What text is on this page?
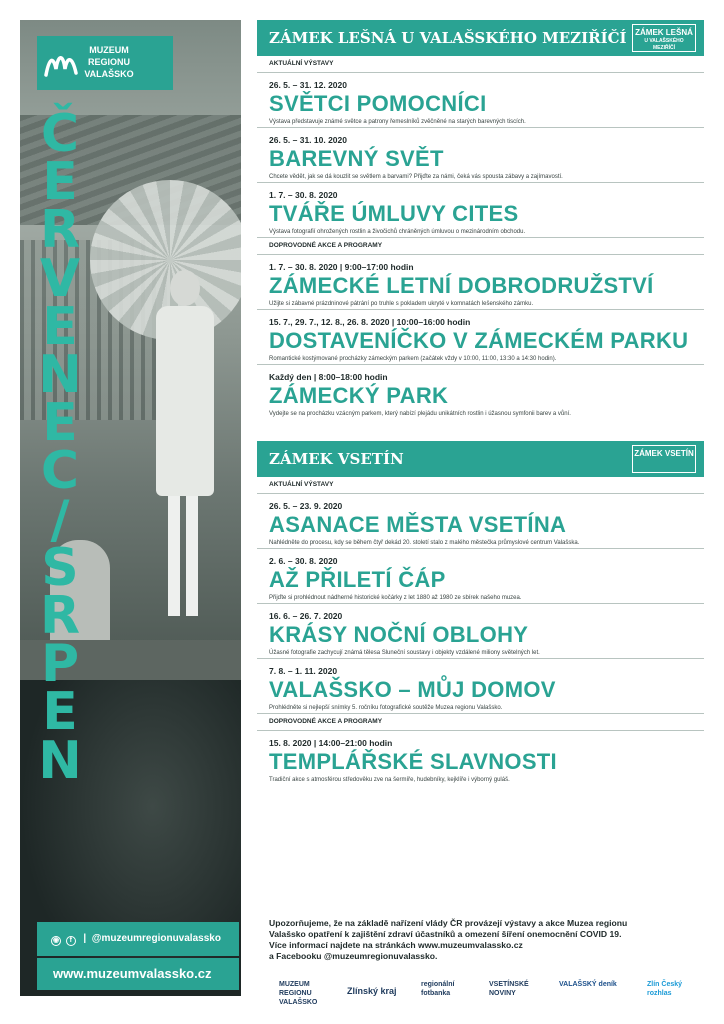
MUZEUM
REGIONU
VALAŠSKO
Č
E
R
V
E
N
E
C
/
S
R
P
E
N
◉ f  |  @muzeumregionuvalassko
www.muzeumvalassko.cz
ZÁMEK LEŠNÁ U VALAŠSKÉHO MEZIŘÍČÍ	ZÁMEK LEŠNÁ
U VALAŠSKÉHO MEZIŘÍČÍ
AKTUÁLNÍ VÝSTAVY
26. 5. – 31. 12. 2020
SVĚTCI POMOCNÍCI
Výstava představuje známé světce a patrony řemeslníků zvěčněné na starých barevných tiscích.
26. 5. – 31. 10. 2020
BAREVNÝ SVĚT
Chcete vědět, jak se dá kouzlit se světlem a barvami? Přijďte za námi, čeká vás spousta zábavy a zajímavostí.
1. 7. – 30. 8. 2020
TVÁŘE ÚMLUVY CITES
Výstava fotografií ohrožených rostlin a živočichů chráněných úmluvou o mezinárodním obchodu.
DOPROVODNÉ AKCE A PROGRAMY
1. 7. – 30. 8. 2020 | 9:00–17:00 hodin
ZÁMECKÉ LETNÍ DOBRODRUŽSTVÍ
Užijte si zábavné prázdninové pátrání po truhle s pokladem ukryté v komnatách lešenského zámku.
15. 7., 29. 7., 12. 8., 26. 8. 2020 | 10:00–16:00 hodin
DOSTAVENÍČKO V ZÁMECKÉM PARKU
Romantické kostýmované procházky zámeckým parkem (začátek vždy v 10:00, 11:00, 13:30 a 14:30 hodin).
Každý den | 8:00–18:00 hodin
ZÁMECKÝ PARK
Vydejte se na procházku vzácným parkem, který nabízí plejádu unikátních rostlin i úžasnou symfonii barev a vůní.
ZÁMEK VSETÍN	ZÁMEK VSETÍN
AKTUÁLNÍ VÝSTAVY
26. 5. – 23. 9. 2020
ASANACE MĚSTA VSETÍNA
Nahlédněte do procesu, kdy se během čtyř dekád 20. století stalo z malého městečka průmyslové centrum Valašska.
2. 6. – 30. 8. 2020
AŽ PŘILETÍ ČÁP
Přijďte si prohlédnout nádherné historické kočárky z let 1880 až 1980 ze sbírek našeho muzea.
16. 6. – 26. 7. 2020
KRÁSY NOČNÍ OBLOHY
Úžasné fotografie zachycují známá tělesa Sluneční soustavy i objekty vzdálené miliony světelných let.
7. 8. – 1. 11. 2020
VALAŠSKO – MŮJ DOMOV
Prohlédněte si nejlepší snímky 5. ročníku fotografické soutěže Muzea regionu Valašsko.
DOPROVODNÉ AKCE A PROGRAMY
15. 8. 2020 | 14:00–21:00 hodin
TEMPLÁŘSKÉ SLAVNOSTI
Tradiční akce s atmosférou středověku zve na šermíře, hudebníky, kejklíře i výborný guláš.
Upozorňujeme, že na základě nařízení vlády ČR provázejí výstavy a akce Muzea regionu
Valašsko opatření k zajištění zdraví účastníků a omezení šíření onemocnění COVID 19.
Více informací najdete na stránkách www.muzeumvalassko.cz
a Facebooku @muzeumregionuvalassko.
MUZEUM REGIONU VALAŠSKO
Zlínský kraj
regionální fotbanka
VSETÍNSKÉ NOVINY
VALAŠSKÝ deník	Zlín Český rozhlas
